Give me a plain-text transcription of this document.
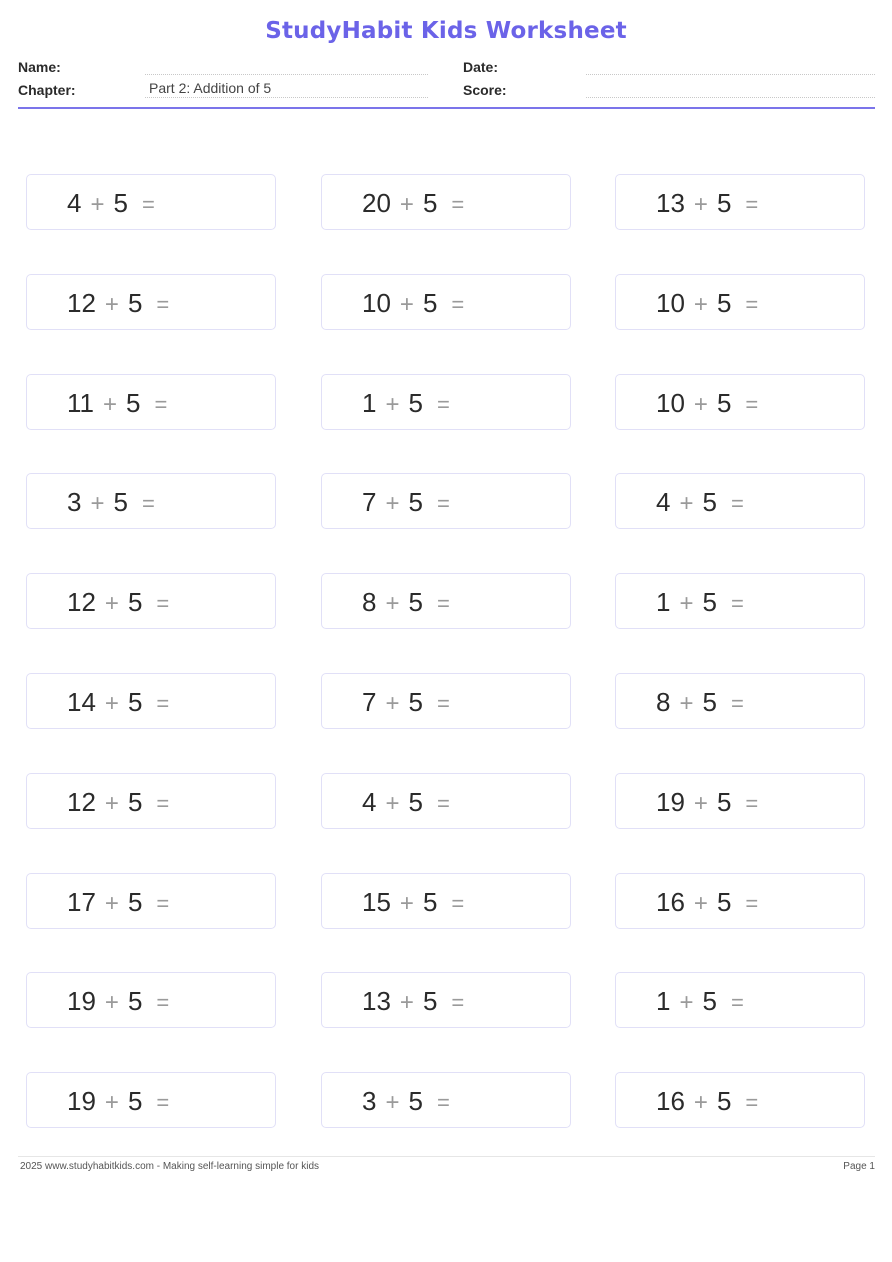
StudyHabit Kids Worksheet
Name:	Date:
Chapter:	Part 2: Addition of 5	Score:
4 + 5 =	20 + 5 =	13 + 5 =
12 + 5 =	10 + 5 =	10 + 5 =
11 + 5 =	1 + 5 =	10 + 5 =
3 + 5 =	7 + 5 =	4 + 5 =
12 + 5 =	8 + 5 =	1 + 5 =
14 + 5 =	7 + 5 =	8 + 5 =
12 + 5 =	4 + 5 =	19 + 5 =
17 + 5 =	15 + 5 =	16 + 5 =
19 + 5 =	13 + 5 =	1 + 5 =
19 + 5 =	3 + 5 =	16 + 5 =
2025 www.studyhabitkids.com - Making self-learning simple for kids	Page 1
